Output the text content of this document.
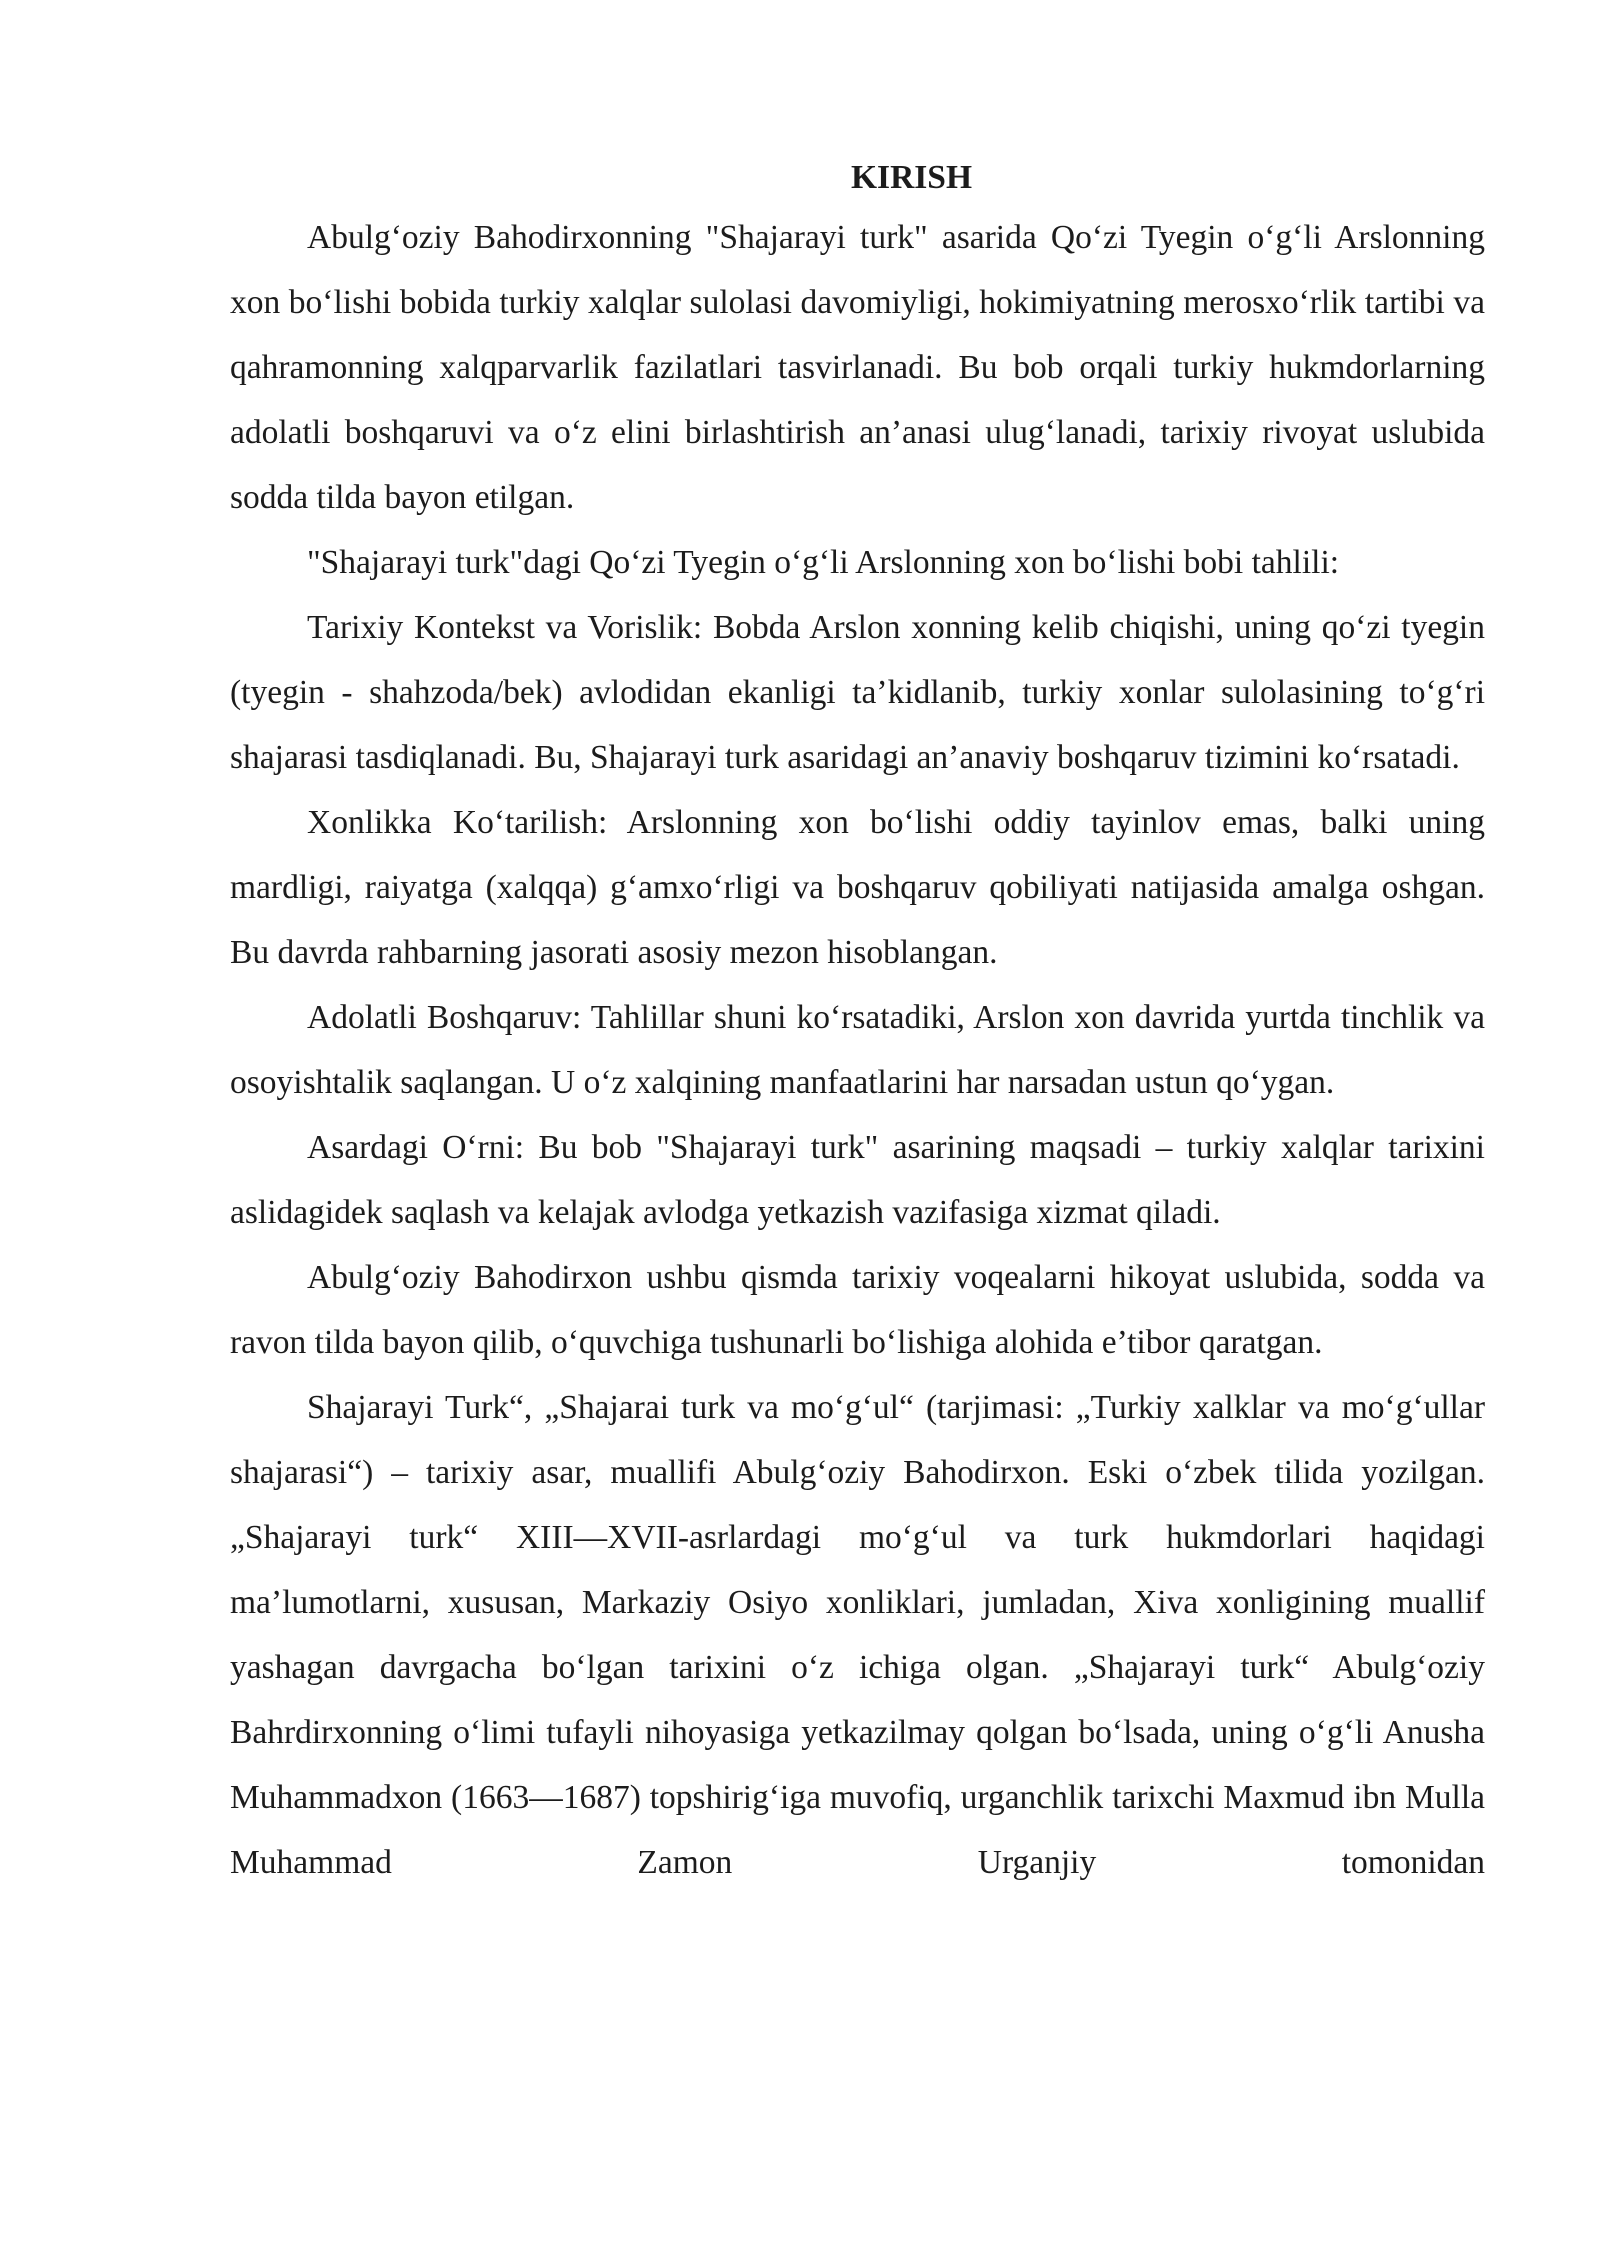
KIRISH

Abulg‘oziy Bahodirxonning "Shajarayi turk" asarida Qo‘zi Tyegin o‘g‘li Arslonning xon bo‘lishi bobida turkiy xalqlar sulolasi davomiyligi, hokimiyatning merosxo‘rlik tartibi va qahramonning xalqparvarlik fazilatlari tasvirlanadi. Bu bob orqali turkiy hukmdorlarning adolatli boshqaruvi va o‘z elini birlashtirish an’anasi ulug‘lanadi, tarixiy rivoyat uslubida sodda tilda bayon etilgan.

"Shajarayi turk"dagi Qo‘zi Tyegin o‘g‘li Arslonning xon bo‘lishi bobi tahlili:

Tarixiy Kontekst va Vorislik: Bobda Arslon xonning kelib chiqishi, uning qo‘zi tyegin (tyegin - shahzoda/bek) avlodidan ekanligi ta’kidlanib, turkiy xonlar sulolasining to‘g‘ri shajarasi tasdiqlanadi. Bu, Shajarayi turk asaridagi an’anaviy boshqaruv tizimini ko‘rsatadi.

Xonlikka Ko‘tarilish: Arslonning xon bo‘lishi oddiy tayinlov emas, balki uning mardligi, raiyatga (xalqqa) g‘amxo‘rligi va boshqaruv qobiliyati natijasida amalga oshgan. Bu davrda rahbarning jasorati asosiy mezon hisoblangan.

Adolatli Boshqaruv: Tahlillar shuni ko‘rsatadiki, Arslon xon davrida yurtda tinchlik va osoyishtalik saqlangan. U o‘z xalqining manfaatlarini har narsadan ustun qo‘ygan.

Asardagi O‘rni: Bu bob "Shajarayi turk" asarining maqsadi – turkiy xalqlar tarixini aslidagidek saqlash va kelajak avlodga yetkazish vazifasiga xizmat qiladi.

Abulg‘oziy Bahodirxon ushbu qismda tarixiy voqealarni hikoyat uslubida, sodda va ravon tilda bayon qilib, o‘quvchiga tushunarli bo‘lishiga alohida e’tibor qaratgan.

Shajarayi Turk“, „Shajarai turk va mo‘g‘ul“ (tarjimasi: „Turkiy xalklar va mo‘g‘ullar shajarasi“) – tarixiy asar, muallifi Abulg‘oziy Bahodirxon. Eski o‘zbek tilida yozilgan. „Shajarayi turk“ XIII—XVII-asrlardagi mo‘g‘ul va turk hukmdorlari haqidagi ma’lumotlarni, xususan, Markaziy Osiyo xonliklari, jumladan, Xiva xonligining muallif yashagan davrgacha bo‘lgan tarixini o‘z ichiga olgan. „Shajarayi turk“ Abulg‘oziy Bahrdirxonning o‘limi tufayli nihoyasiga yetkazilmay qolgan bo‘lsada, uning o‘g‘li Anusha Muhammadxon (1663—1687) topshirig‘iga muvofiq, urganchlik tarixchi Maxmud ibn Mulla Muhammad Zamon Urganjiy tomonidan
